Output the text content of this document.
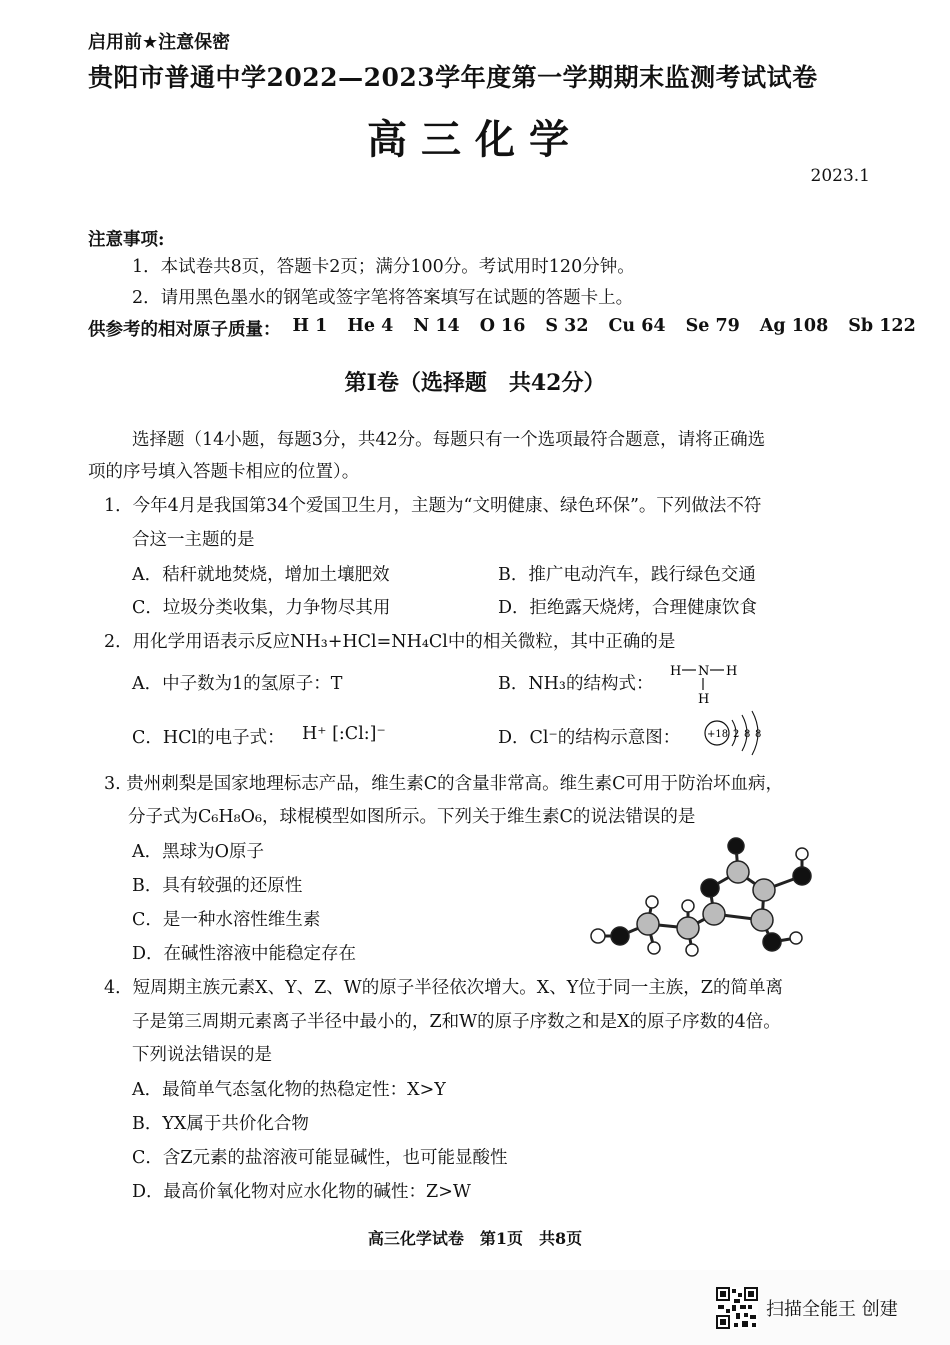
启用前★注意保密
贵阳市普通中学2022—2023学年度第一学期期末监测考试试卷
高三化学
2023.1
注意事项:
1．本试卷共8页，答题卡2页；满分100分。考试用时120分钟。
2．请用黑色墨水的钢笔或签字笔将答案填写在试题的答题卡上。
供参考的相对原子质量： H 1 He 4 N 14 O 16 S 32 Cu 64 Se 79 Ag 108 Sb 122
第Ⅰ卷（选择题　共42分）
选择题（14小题，每题3分，共42分。每题只有一个选项最符合题意，请将正确选
项的序号填入答题卡相应的位置）。
1．今年4月是我国第34个爱国卫生月，主题为“文明健康、绿色环保”。下列做法不符
合这一主题的是
A．秸秆就地焚烧，增加土壤肥效	B．推广电动汽车，践行绿色交通
C．垃圾分类收集，力争物尽其用	D．拒绝露天烧烤，合理健康饮食
2．用化学用语表示反应NH₃+HCl=NH₄Cl中的相关微粒，其中正确的是
A．中子数为1的氢原子：T	B．NH₃的结构式：
H N H
H
C．HCl的电子式： H⁺ [:Cl:]⁻	D．Cl⁻的结构示意图：	+18 2 8 8
3. 贵州刺梨是国家地理标志产品，维生素C的含量非常高。维生素C可用于防治坏血病，
分子式为C₆H₈O₆，球棍模型如图所示。下列关于维生素C的说法错误的是
A．黑球为O原子
B．具有较强的还原性
C．是一种水溶性维生素
D．在碱性溶液中能稳定存在
4．短周期主族元素X、Y、Z、W的原子半径依次增大。X、Y位于同一主族，Z的简单离
子是第三周期元素离子半径中最小的，Z和W的原子序数之和是X的原子序数的4倍。
下列说法错误的是
A．最简单气态氢化物的热稳定性：X>Y
B．YX属于共价化合物
C．含Z元素的盐溶液可能显碱性，也可能显酸性
D．最高价氧化物对应水化物的碱性：Z>W
高三化学试卷　第1页　共8页
扫描全能王 创建
